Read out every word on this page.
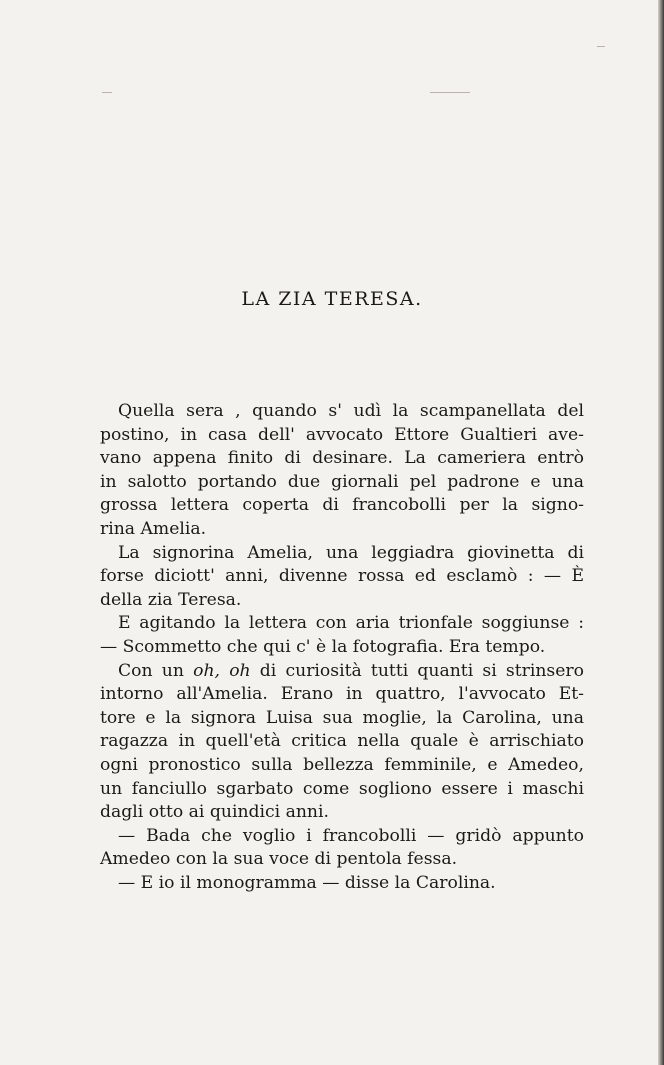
LA ZIA TERESA.
Quella sera , quando s' udì la scampanellata del
postino, in casa dell' avvocato Ettore Gualtieri ave-
vano appena finito di desinare. La cameriera entrò
in salotto portando due giornali pel padrone e una
grossa lettera coperta di francobolli per la signo-
rina Amelia.
La signorina Amelia, una leggiadra giovinetta di
forse diciott' anni, divenne rossa ed esclamò : — È
della zia Teresa.
E agitando la lettera con aria trionfale soggiunse :
— Scommetto che qui c' è la fotografia. Era tempo.
Con un oh, oh di curiosità tutti quanti si strinsero
intorno all'Amelia. Erano in quattro, l'avvocato Et-
tore e la signora Luisa sua moglie, la Carolina, una
ragazza in quell'età critica nella quale è arrischiato
ogni pronostico sulla bellezza femminile, e Amedeo,
un fanciullo sgarbato come sogliono essere i maschi
dagli otto ai quindici anni.
— Bada che voglio i francobolli — gridò appunto
Amedeo con la sua voce di pentola fessa.
— E io il monogramma — disse la Carolina.
